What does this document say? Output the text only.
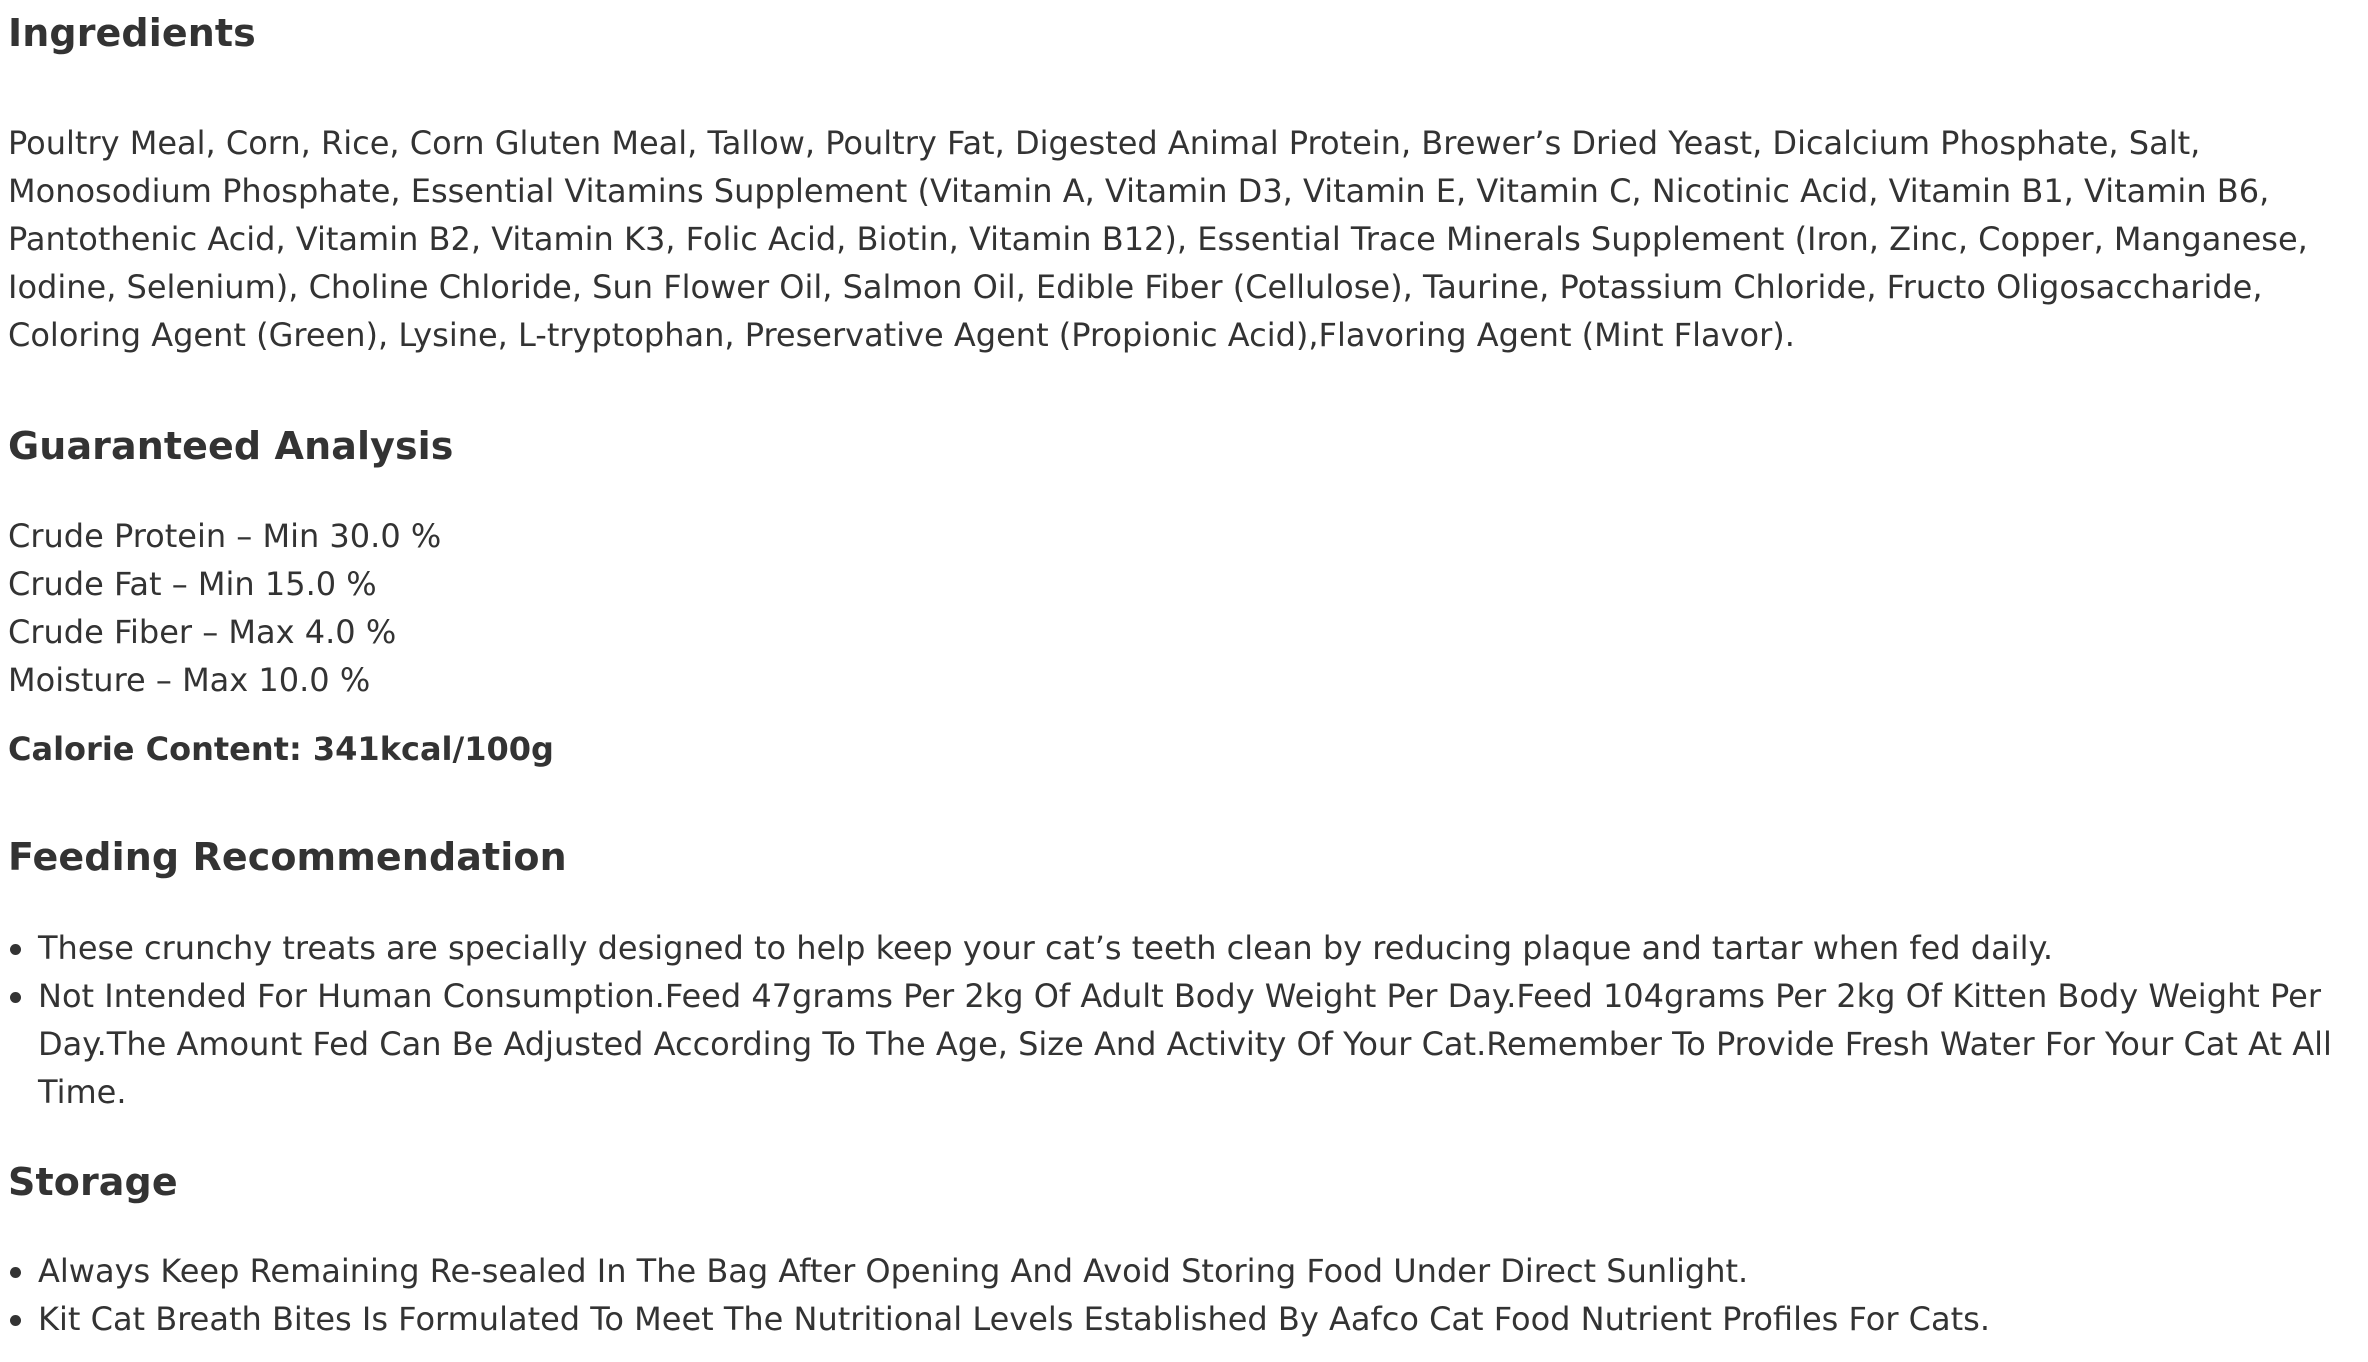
Ingredients

Poultry Meal, Corn, Rice, Corn Gluten Meal, Tallow, Poultry Fat, Digested Animal Protein, Brewer’s Dried Yeast, Dicalcium Phosphate, Salt, Monosodium Phosphate, Essential Vitamins Supplement (Vitamin A, Vitamin D3, Vitamin E, Vitamin C, Nicotinic Acid, Vitamin B1, Vitamin B6, Pantothenic Acid, Vitamin B2, Vitamin K3, Folic Acid, Biotin, Vitamin B12), Essential Trace Minerals Supplement (Iron, Zinc, Copper, Manganese, Iodine, Selenium), Choline Chloride, Sun Flower Oil, Salmon Oil, Edible Fiber (Cellulose), Taurine, Potassium Chloride, Fructo Oligosaccharide, Coloring Agent (Green), Lysine, L-tryptophan, Preservative Agent (Propionic Acid),Flavoring Agent (Mint Flavor).

Guaranteed Analysis
Crude Protein – Min 30.0 %
Crude Fat – Min 15.0 %
Crude Fiber – Max 4.0 %
Moisture – Max 10.0 %
Calorie Content: 341kcal/100g
Feeding Recommendation
These crunchy treats are specially designed to help keep your cat’s teeth clean by reducing plaque and tartar when fed daily.
Not Intended For Human Consumption.Feed 47grams Per 2kg Of Adult Body Weight Per Day.Feed 104grams Per 2kg Of Kitten Body Weight Per Day.The Amount Fed Can Be Adjusted According To The Age, Size And Activity Of Your Cat.Remember To Provide Fresh Water For Your Cat At All Time.
Storage
Always Keep Remaining Re-sealed In The Bag After Opening And Avoid Storing Food Under Direct Sunlight.
Kit Cat Breath Bites Is Formulated To Meet The Nutritional Levels Established By Aafco Cat Food Nutrient Profiles For Cats.
